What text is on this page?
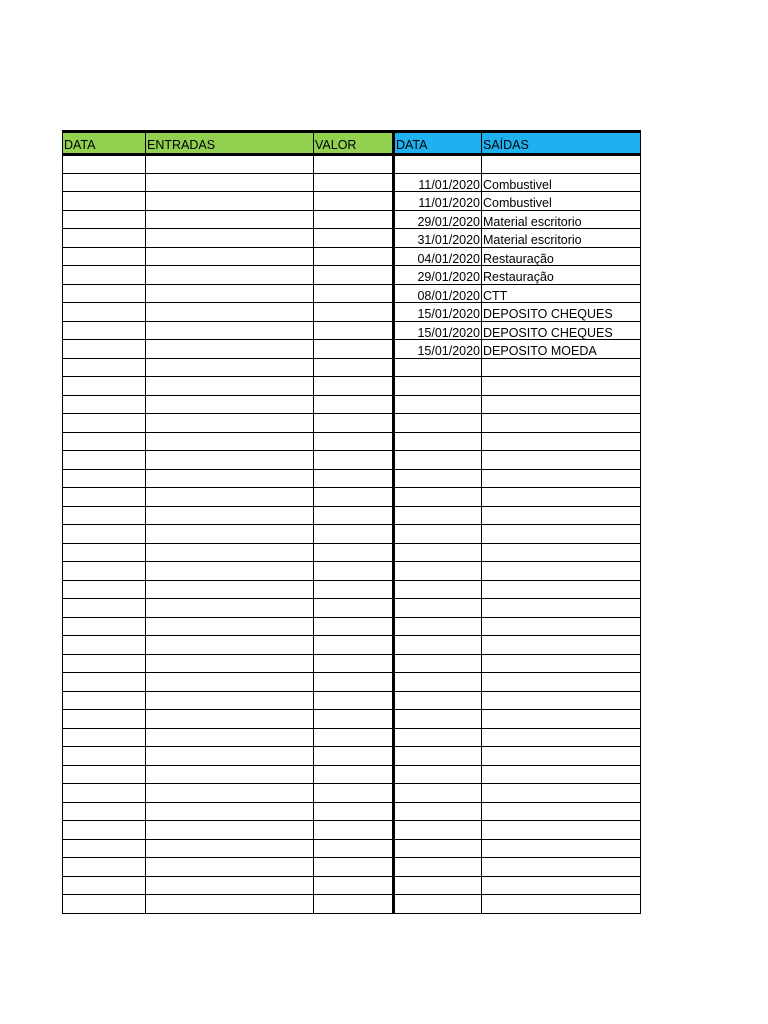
DATA	ENTRADAS	VALOR	DATA	SAÍDAS

			11/01/2020	Combustivel
			11/01/2020	Combustivel
			29/01/2020	Material escritorio
			31/01/2020	Material escritorio
			04/01/2020	Restauração
			29/01/2020	Restauração
			08/01/2020	CTT
			15/01/2020	DEPOSITO CHEQUES
			15/01/2020	DEPOSITO CHEQUES
			15/01/2020	DEPOSITO MOEDA
